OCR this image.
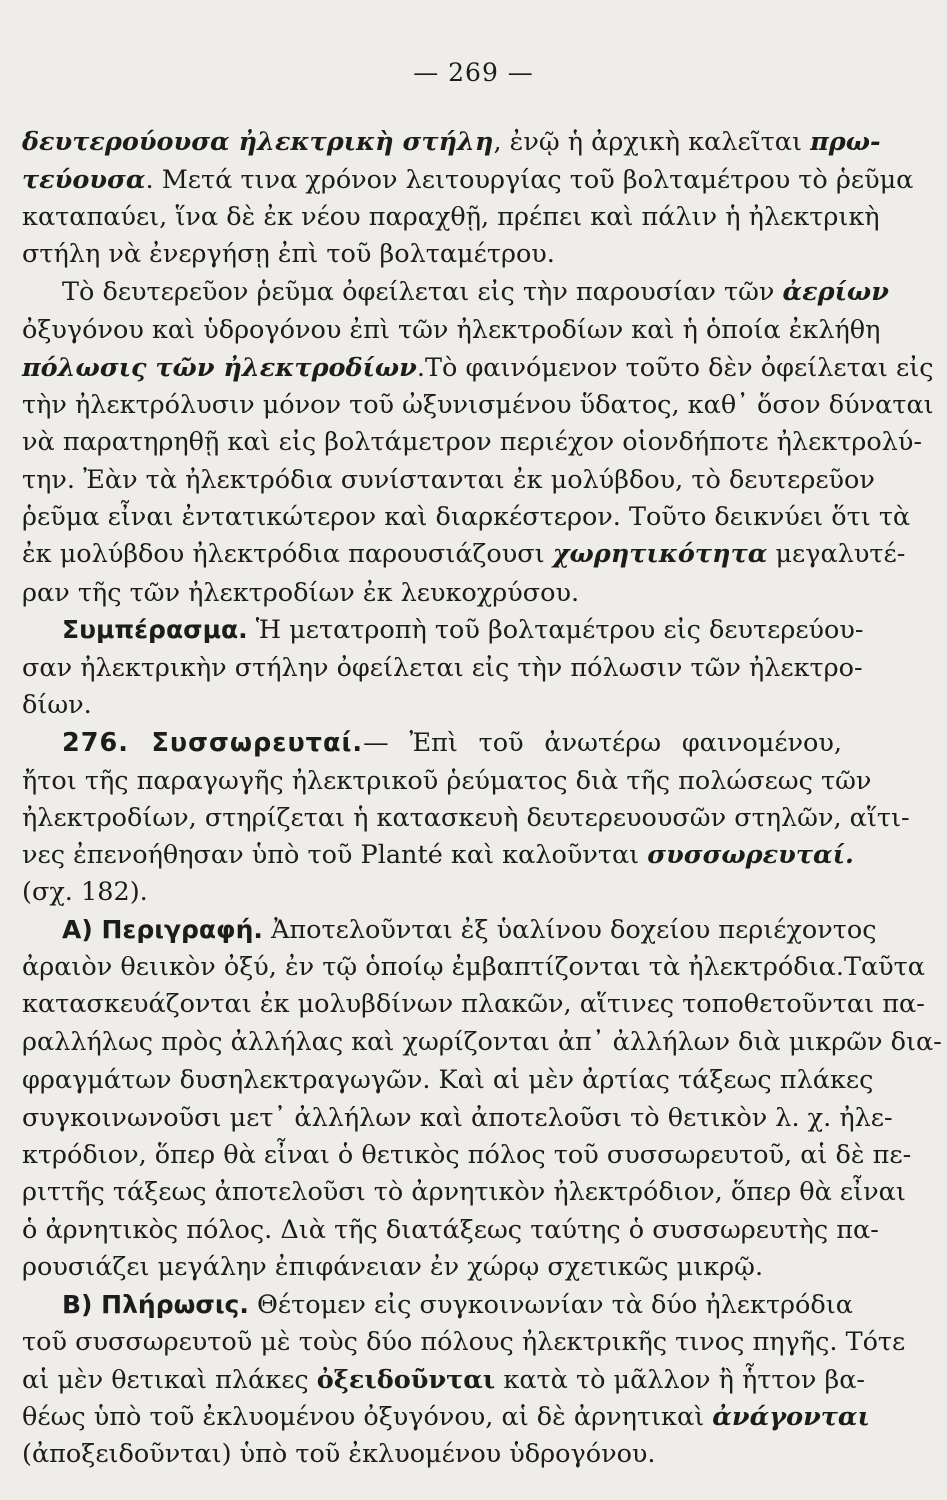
— 269 —
δευτερούουσα ἠλεκτρικὴ στήλη, ἐνῷ ἡ ἀρχικὴ καλεῖται πρω-
τεύουσα. Μετά τινα χρόνον λειτουργίας τοῦ βολταμέτρου τὸ ῥεῦμα
καταπαύει, ἵνα δὲ ἐκ νέου παραχθῇ, πρέπει καὶ πάλιν ἡ ἠλεκτρικὴ
στήλη νὰ ἐνεργήσῃ ἐπὶ τοῦ βολταμέτρου.
Τὸ δευτερεῦον ῥεῦμα ὀφείλεται εἰς τὴν παρουσίαν τῶν ἀερίων
ὀξυγόνου καὶ ὑδρογόνου ἐπὶ τῶν ἠλεκτροδίων καὶ ἡ ὁποία ἐκλήθη
πόλωσις τῶν ἠλεκτροδίων.Τὸ φαινόμενον τοῦτο δὲν ὀφείλεται εἰς
τὴν ἠλεκτρόλυσιν μόνον τοῦ ὠξυνισμένου ὕδατος, καθ᾽ ὅσον δύναται
νὰ παρατηρηθῇ καὶ εἰς βολτάμετρον περιέχον οἱονδήποτε ἠλεκτρολύ-
την. Ἐὰν τὰ ἠλεκτρόδια συνίστανται ἐκ μολύβδου, τὸ δευτερεῦον
ῥεῦμα εἶναι ἐντατικώτερον καὶ διαρκέστερον. Τοῦτο δεικνύει ὅτι τὰ
ἐκ μολύβδου ἠλεκτρόδια παρουσιάζουσι χωρητικότητα μεγαλυτέ-
ραν τῆς τῶν ἠλεκτροδίων ἐκ λευκοχρύσου.
Συμπέρασμα. Ἡ μετατροπὴ τοῦ βολταμέτρου εἰς δευτερεύου-
σαν ἠλεκτρικὴν στήλην ὀφείλεται εἰς τὴν πόλωσιν τῶν ἠλεκτρο-
δίων.
276. Συσσωρευταί.— Ἐπὶ τοῦ ἀνωτέρω φαινομένου,
ἤτοι τῆς παραγωγῆς ἠλεκτρικοῦ ῥεύματος διὰ τῆς πολώσεως τῶν
ἠλεκτροδίων, στηρίζεται ἡ κατασκευὴ δευτερευουσῶν στηλῶν, αἵτι-
νες ἐπενοήθησαν ὑπὸ τοῦ Planté καὶ καλοῦνται συσσωρευταί.
(σχ. 182).
Α) Περιγραφή. Ἀποτελοῦνται ἐξ ὑαλίνου δοχείου περιέχοντος
ἀραιὸν θειικὸν ὀξύ, ἐν τῷ ὁποίῳ ἐμβαπτίζονται τὰ ἠλεκτρόδια.Ταῦτα
κατασκευάζονται ἐκ μολυβδίνων πλακῶν, αἵτινες τοποθετοῦνται πα-
ραλλήλως πρὸς ἀλλήλας καὶ χωρίζονται ἀπ᾽ ἀλλήλων διὰ μικρῶν δια-
φραγμάτων δυσηλεκτραγωγῶν. Καὶ αἱ μὲν ἀρτίας τάξεως πλάκες
συγκοινωνοῦσι μετ᾽ ἀλλήλων καὶ ἀποτελοῦσι τὸ θετικὸν λ. χ. ἠλε-
κτρόδιον, ὅπερ θὰ εἶναι ὁ θετικὸς πόλος τοῦ συσσωρευτοῦ, αἱ δὲ πε-
ριττῆς τάξεως ἀποτελοῦσι τὸ ἀρνητικὸν ἠλεκτρόδιον, ὅπερ θὰ εἶναι
ὁ ἀρνητικὸς πόλος. Διὰ τῆς διατάξεως ταύτης ὁ συσσωρευτὴς πα-
ρουσιάζει μεγάλην ἐπιφάνειαν ἐν χώρῳ σχετικῶς μικρῷ.
Β) Πλήρωσις. Θέτομεν εἰς συγκοινωνίαν τὰ δύο ἠλεκτρόδια
τοῦ συσσωρευτοῦ μὲ τοὺς δύο πόλους ἠλεκτρικῆς τινος πηγῆς. Τότε
αἱ μὲν θετικαὶ πλάκες ὀξειδοῦνται κατὰ τὸ μᾶλλον ἢ ἧττον βα-
θέως ὑπὸ τοῦ ἐκλυομένου ὀξυγόνου, αἱ δὲ ἀρνητικαὶ ἀνάγονται
(ἀποξειδοῦνται) ὑπὸ τοῦ ἐκλυομένου ὑδρογόνου.
